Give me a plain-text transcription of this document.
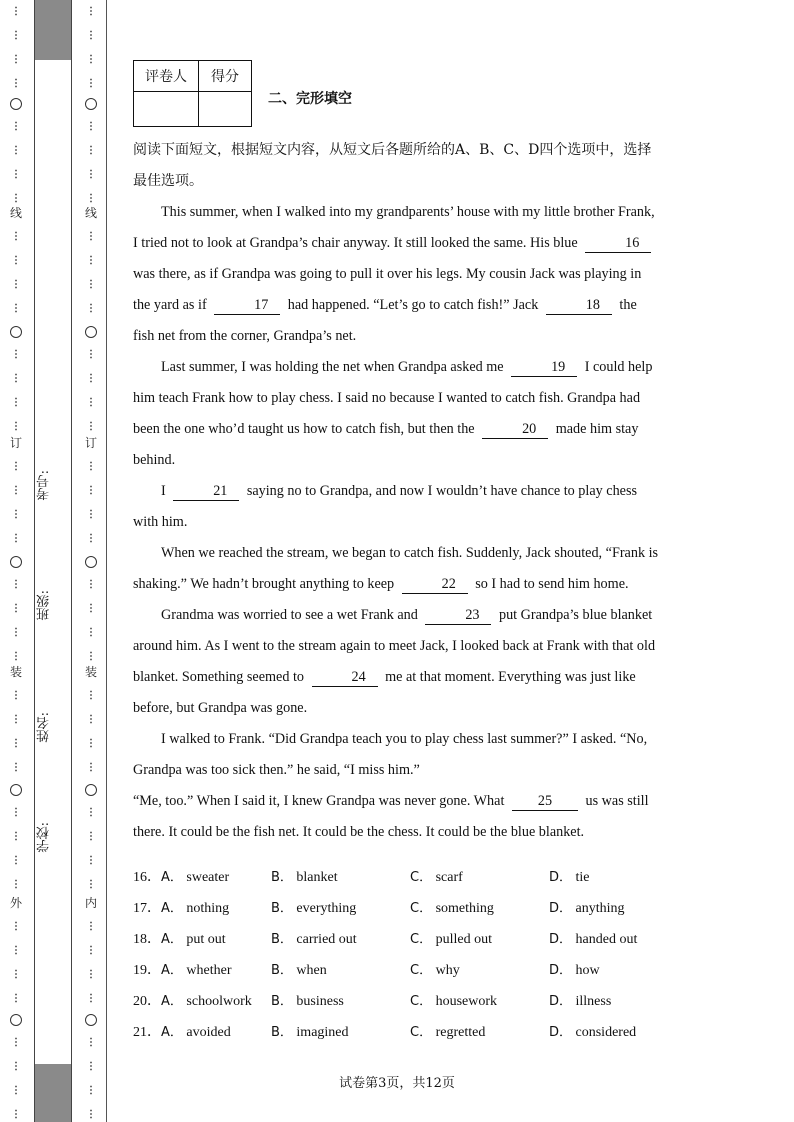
⋮
⋮
⋮
⋮
⋮
⋮
⋮
⋮
线
⋮
⋮
⋮
⋮
⋮
⋮
⋮
⋮
订
⋮
⋮
⋮
⋮
⋮
⋮
⋮
⋮
装
⋮
⋮
⋮
⋮
⋮
⋮
⋮
⋮
外
⋮
⋮
⋮
⋮
⋮
⋮
⋮
⋮
考号:
班级:
姓名:
学校:
⋮
⋮
⋮
⋮
⋮
⋮
⋮
⋮
线
⋮
⋮
⋮
⋮
⋮
⋮
⋮
⋮
订
⋮
⋮
⋮
⋮
⋮
⋮
⋮
⋮
装
⋮
⋮
⋮
⋮
⋮
⋮
⋮
⋮
内
⋮
⋮
⋮
⋮
⋮
⋮
⋮
⋮
评卷人	得分

二、完形填空
阅读下面短文，根据短文内容，从短文后各题所给的A、B、C、D四个选项中，选择最佳选项。

This summer, when I walked into my grandparents’ house with my little brother Frank, I tried not to look at Grandpa’s chair anyway. It still looked the same. His blue	16 was there, as if Grandpa was going to pull it over his legs. My cousin Jack was playing in the yard as if	17 had happened. “Let’s go to catch fish!” Jack	18 the fish net from the corner, Grandpa’s net.

Last summer, I was holding the net when Grandpa asked me	19 I could help him teach Frank how to play chess. I said no because I wanted to catch fish. Grandpa had been the one who’d taught us how to catch fish, but then the	20 made him stay behind.

I	21 saying no to Grandpa, and now I wouldn’t have chance to play chess with him.

When we reached the stream, we began to catch fish. Suddenly, Jack shouted, “Frank is shaking.” We hadn’t brought anything to keep	22 so I had to send him home.

Grandma was worried to see a wet Frank and	23 put Grandpa’s blue blanket around him. As I went to the stream again to meet Jack, I looked back at Frank with that old blanket. Something seemed to	24 me at that moment. Everything was just like before, but Grandpa was gone.

I walked to Frank. “Did Grandpa teach you to play chess last summer?” I asked. “No, Grandpa was too sick then.” he said, “I miss him.”

“Me, too.” When I said it, I knew Grandpa was never gone. What 25 us was still there. It could be the fish net. It could be the chess. It could be the blue blanket.

16．A． sweater	B． blanket	C． scarf	D． tie
17．A． nothing	B． everything	C． something	D． anything
18．A． put out	B． carried out	C． pulled out	D． handed out
19．A． whether	B． when	C． why	D． how
20．A． schoolwork B． business	C． housework	D． illness
21．A． avoided	B． imagined	C． regretted	D． considered
试卷第3页，共12页
